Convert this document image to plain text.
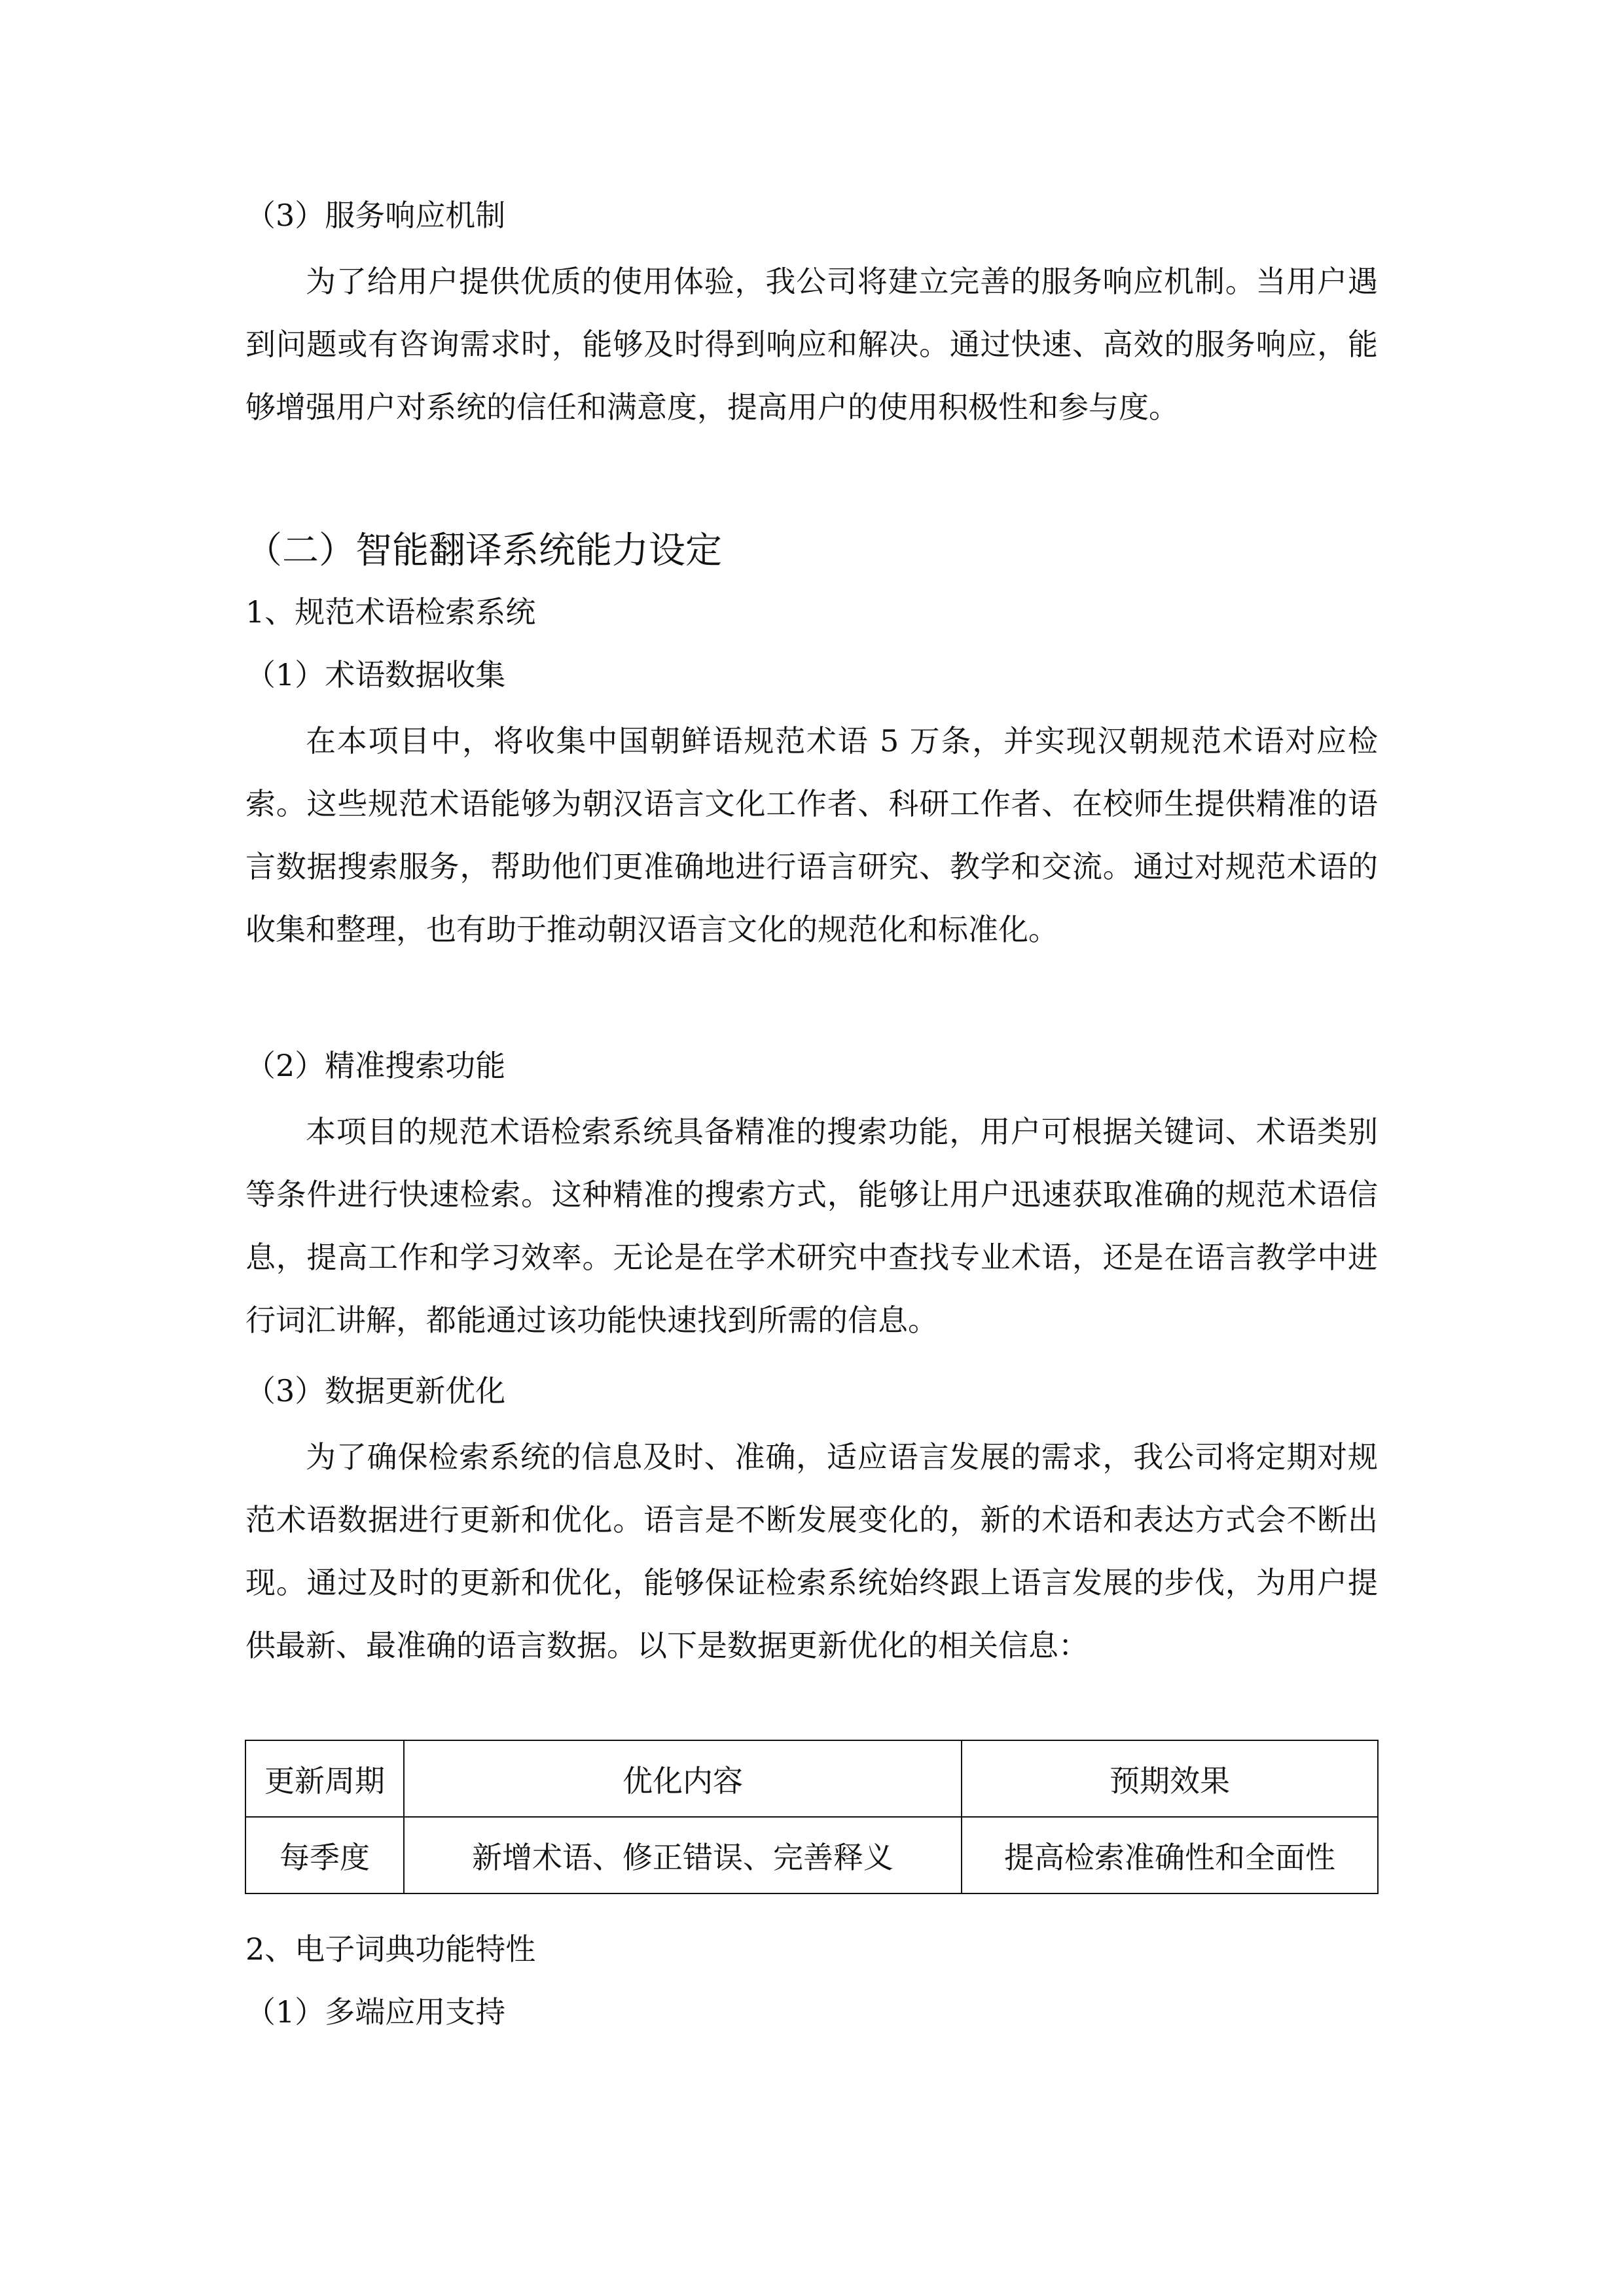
（3）服务响应机制
为了给用户提供优质的使用体验，我公司将建立完善的服务响应机制。当用户遇到问题或有咨询需求时，能够及时得到响应和解决。通过快速、高效的服务响应，能够增强用户对系统的信任和满意度，提高用户的使用积极性和参与度。
（二）智能翻译系统能力设定
1、规范术语检索系统
（1）术语数据收集
在本项目中，将收集中国朝鲜语规范术语 5 万条，并实现汉朝规范术语对应检索。这些规范术语能够为朝汉语言文化工作者、科研工作者、在校师生提供精准的语言数据搜索服务，帮助他们更准确地进行语言研究、教学和交流。通过对规范术语的收集和整理，也有助于推动朝汉语言文化的规范化和标准化。
（2）精准搜索功能
本项目的规范术语检索系统具备精准的搜索功能，用户可根据关键词、术语类别等条件进行快速检索。这种精准的搜索方式，能够让用户迅速获取准确的规范术语信息，提高工作和学习效率。无论是在学术研究中查找专业术语，还是在语言教学中进行词汇讲解，都能通过该功能快速找到所需的信息。
（3）数据更新优化
为了确保检索系统的信息及时、准确，适应语言发展的需求，我公司将定期对规范术语数据进行更新和优化。语言是不断发展变化的，新的术语和表达方式会不断出现。通过及时的更新和优化，能够保证检索系统始终跟上语言发展的步伐，为用户提供最新、最准确的语言数据。以下是数据更新优化的相关信息：
更新周期	优化内容	预期效果
每季度	新增术语、修正错误、完善释义	提高检索准确性和全面性
2、电子词典功能特性
（1）多端应用支持
